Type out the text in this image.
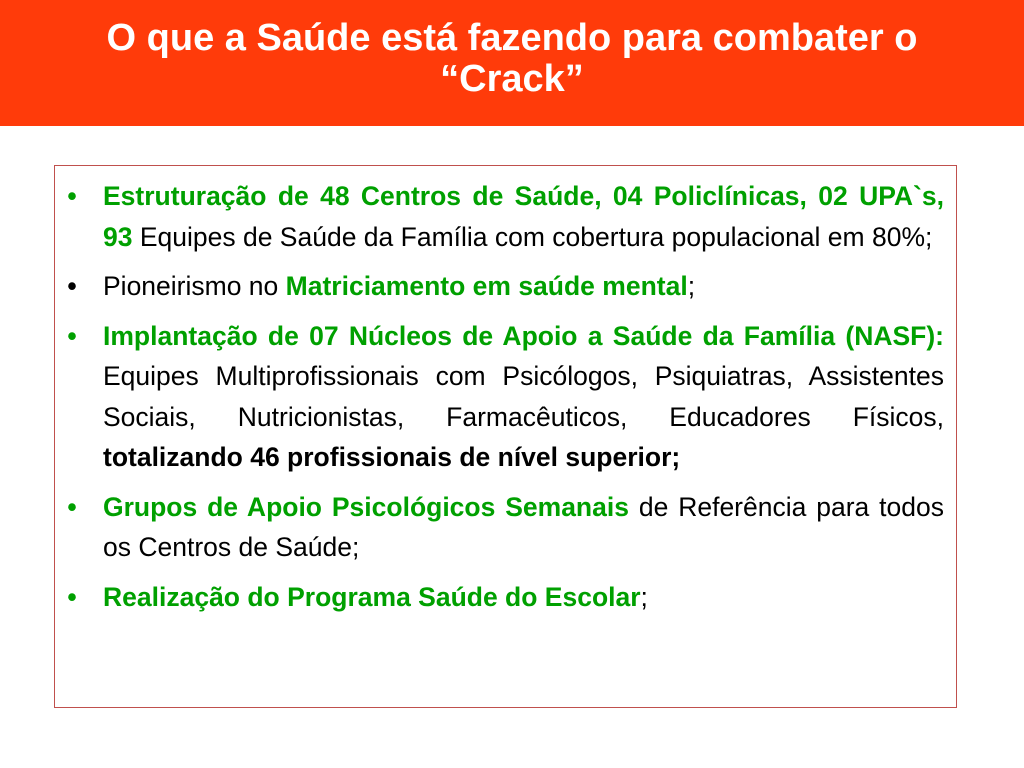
O que a Saúde está fazendo para combater o
“Crack”
• Estruturação de 48 Centros de Saúde, 04 Policlínicas, 02 UPA`s, 93 Equipes de Saúde da Família com cobertura populacional em 80%;
• Pioneirismo no Matriciamento em saúde mental;
• Implantação de 07 Núcleos de Apoio a Saúde da Família (NASF): Equipes Multiprofissionais com Psicólogos, Psiquiatras, Assistentes Sociais, Nutricionistas, Farmacêuticos, Educadores Físicos, totalizando 46 profissionais de nível superior;
• Grupos de Apoio Psicológicos Semanais de Referência para todos os Centros de Saúde;
• Realização do Programa Saúde do Escolar;
